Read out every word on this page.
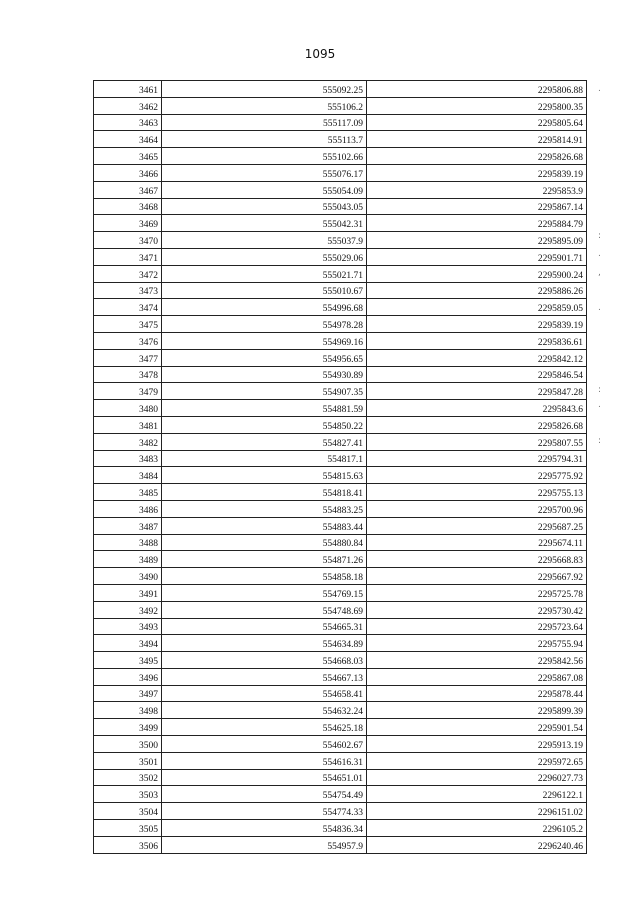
1095
3461	555092.25	2295806.88
3462	555106.2	2295800.35
3463	555117.09	2295805.64
3464	555113.7	2295814.91
3465	555102.66	2295826.68
3466	555076.17	2295839.19
3467	555054.09	2295853.9
3468	555043.05	2295867.14
3469	555042.31	2295884.79
3470	555037.9	2295895.09
3471	555029.06	2295901.71
3472	555021.71	2295900.24
3473	555010.67	2295886.26
3474	554996.68	2295859.05
3475	554978.28	2295839.19
3476	554969.16	2295836.61
3477	554956.65	2295842.12
3478	554930.89	2295846.54
3479	554907.35	2295847.28
3480	554881.59	2295843.6
3481	554850.22	2295826.68
3482	554827.41	2295807.55
3483	554817.1	2295794.31
3484	554815.63	2295775.92
3485	554818.41	2295755.13
3486	554883.25	2295700.96
3487	554883.44	2295687.25
3488	554880.84	2295674.11
3489	554871.26	2295668.83
3490	554858.18	2295667.92
3491	554769.15	2295725.78
3492	554748.69	2295730.42
3493	554665.31	2295723.64
3494	554634.89	2295755.94
3495	554668.03	2295842.56
3496	554667.13	2295867.08
3497	554658.41	2295878.44
3498	554632.24	2295899.39
3499	554625.18	2295901.54
3500	554602.67	2295913.19
3501	554616.31	2295972.65
3502	554651.01	2296027.73
3503	554754.49	2296122.1
3504	554774.33	2296151.02
3505	554836.34	2296105.2
3506	554957.9	2296240.46
.
:
.
,
.
:
.
:
